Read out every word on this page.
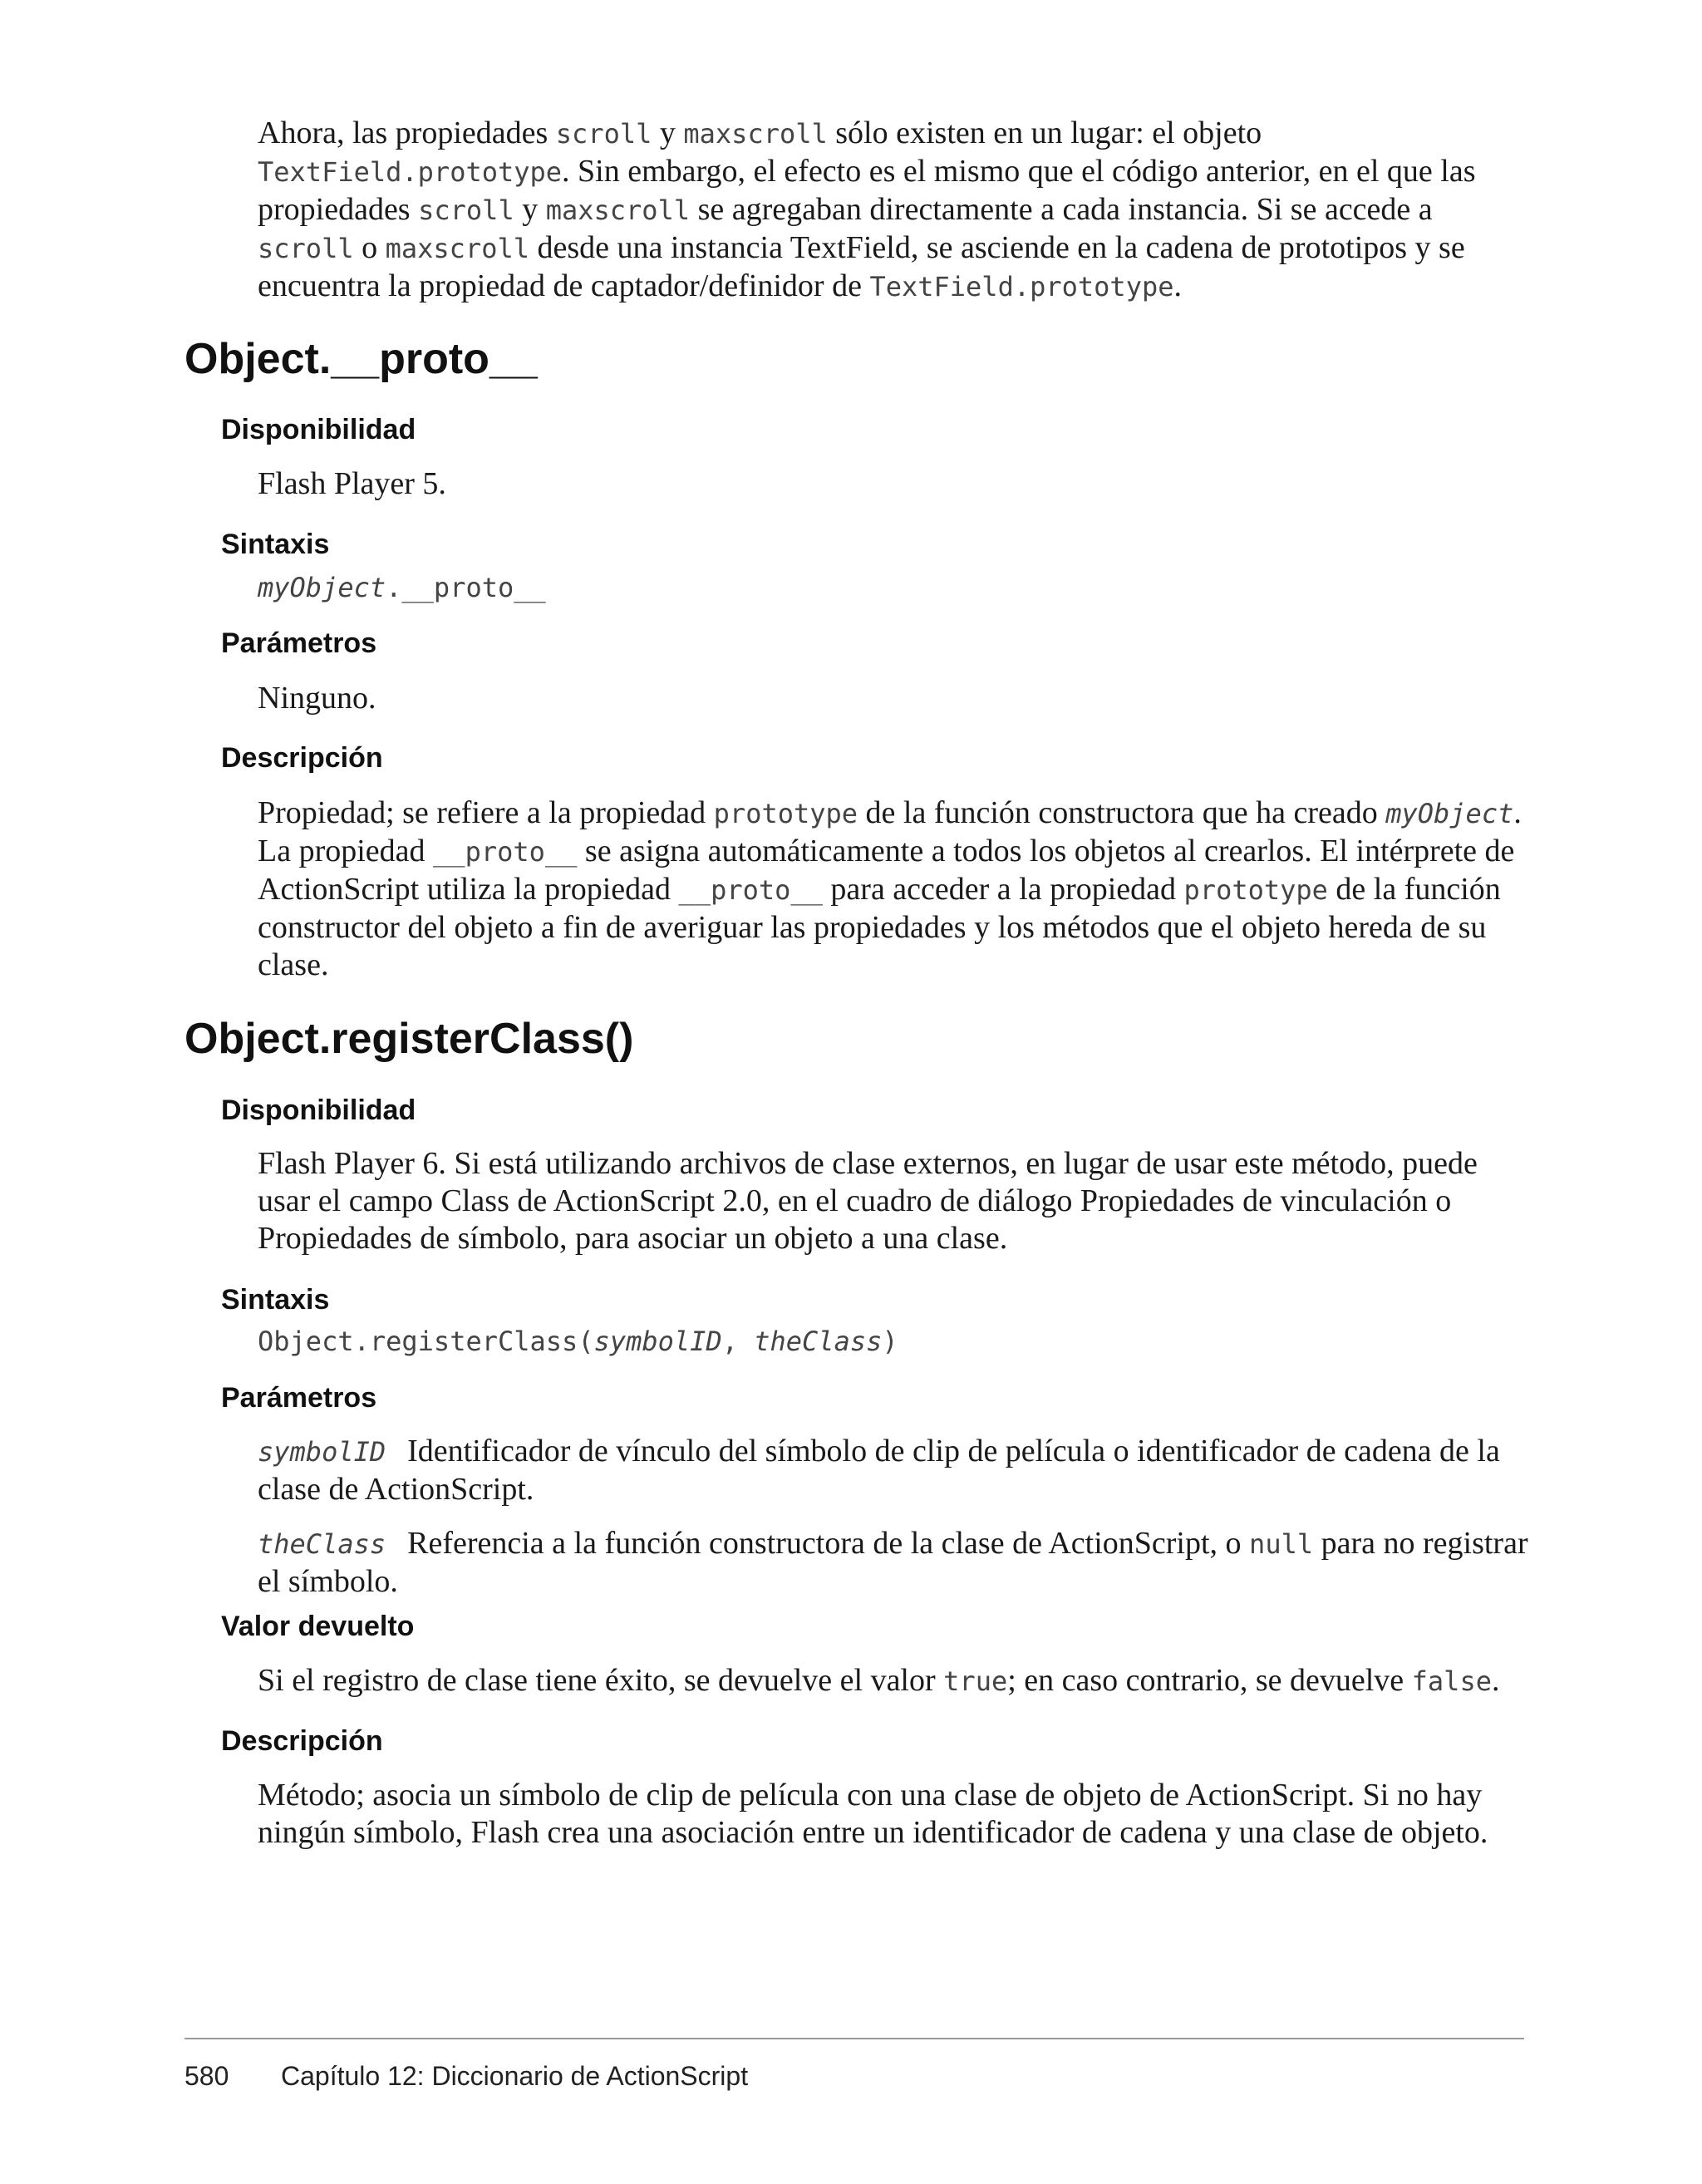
Ahora, las propiedades scroll y maxscroll sólo existen en un lugar: el objeto TextField.prototype. Sin embargo, el efecto es el mismo que el código anterior, en el que las propiedades scroll y maxscroll se agregaban directamente a cada instancia. Si se accede a scroll o maxscroll desde una instancia TextField, se asciende en la cadena de prototipos y se encuentra la propiedad de captador/definidor de TextField.prototype.

Object.__proto__
Disponibilidad

Flash Player 5.

Sintaxis
myObject.__proto__
Parámetros

Ninguno.

Descripción

Propiedad; se refiere a la propiedad prototype de la función constructora que ha creado myObject. La propiedad __proto__ se asigna automáticamente a todos los objetos al crearlos. El intérprete de ActionScript utiliza la propiedad __proto__ para acceder a la propiedad prototype de la función constructor del objeto a fin de averiguar las propiedades y los métodos que el objeto hereda de su clase.

Object.registerClass()
Disponibilidad

Flash Player 6. Si está utilizando archivos de clase externos, en lugar de usar este método, puede usar el campo Class de ActionScript 2.0, en el cuadro de diálogo Propiedades de vinculación o Propiedades de símbolo, para asociar un objeto a una clase.

Sintaxis
Object.registerClass(symbolID, theClass)
Parámetros

symbolID Identificador de vínculo del símbolo de clip de película o identificador de cadena de la clase de ActionScript.

theClass Referencia a la función constructora de la clase de ActionScript, o null para no registrar el símbolo.

Valor devuelto

Si el registro de clase tiene éxito, se devuelve el valor true; en caso contrario, se devuelve false.

Descripción

Método; asocia un símbolo de clip de película con una clase de objeto de ActionScript. Si no hay ningún símbolo, Flash crea una asociación entre un identificador de cadena y una clase de objeto.

580 Capítulo 12: Diccionario de ActionScript
